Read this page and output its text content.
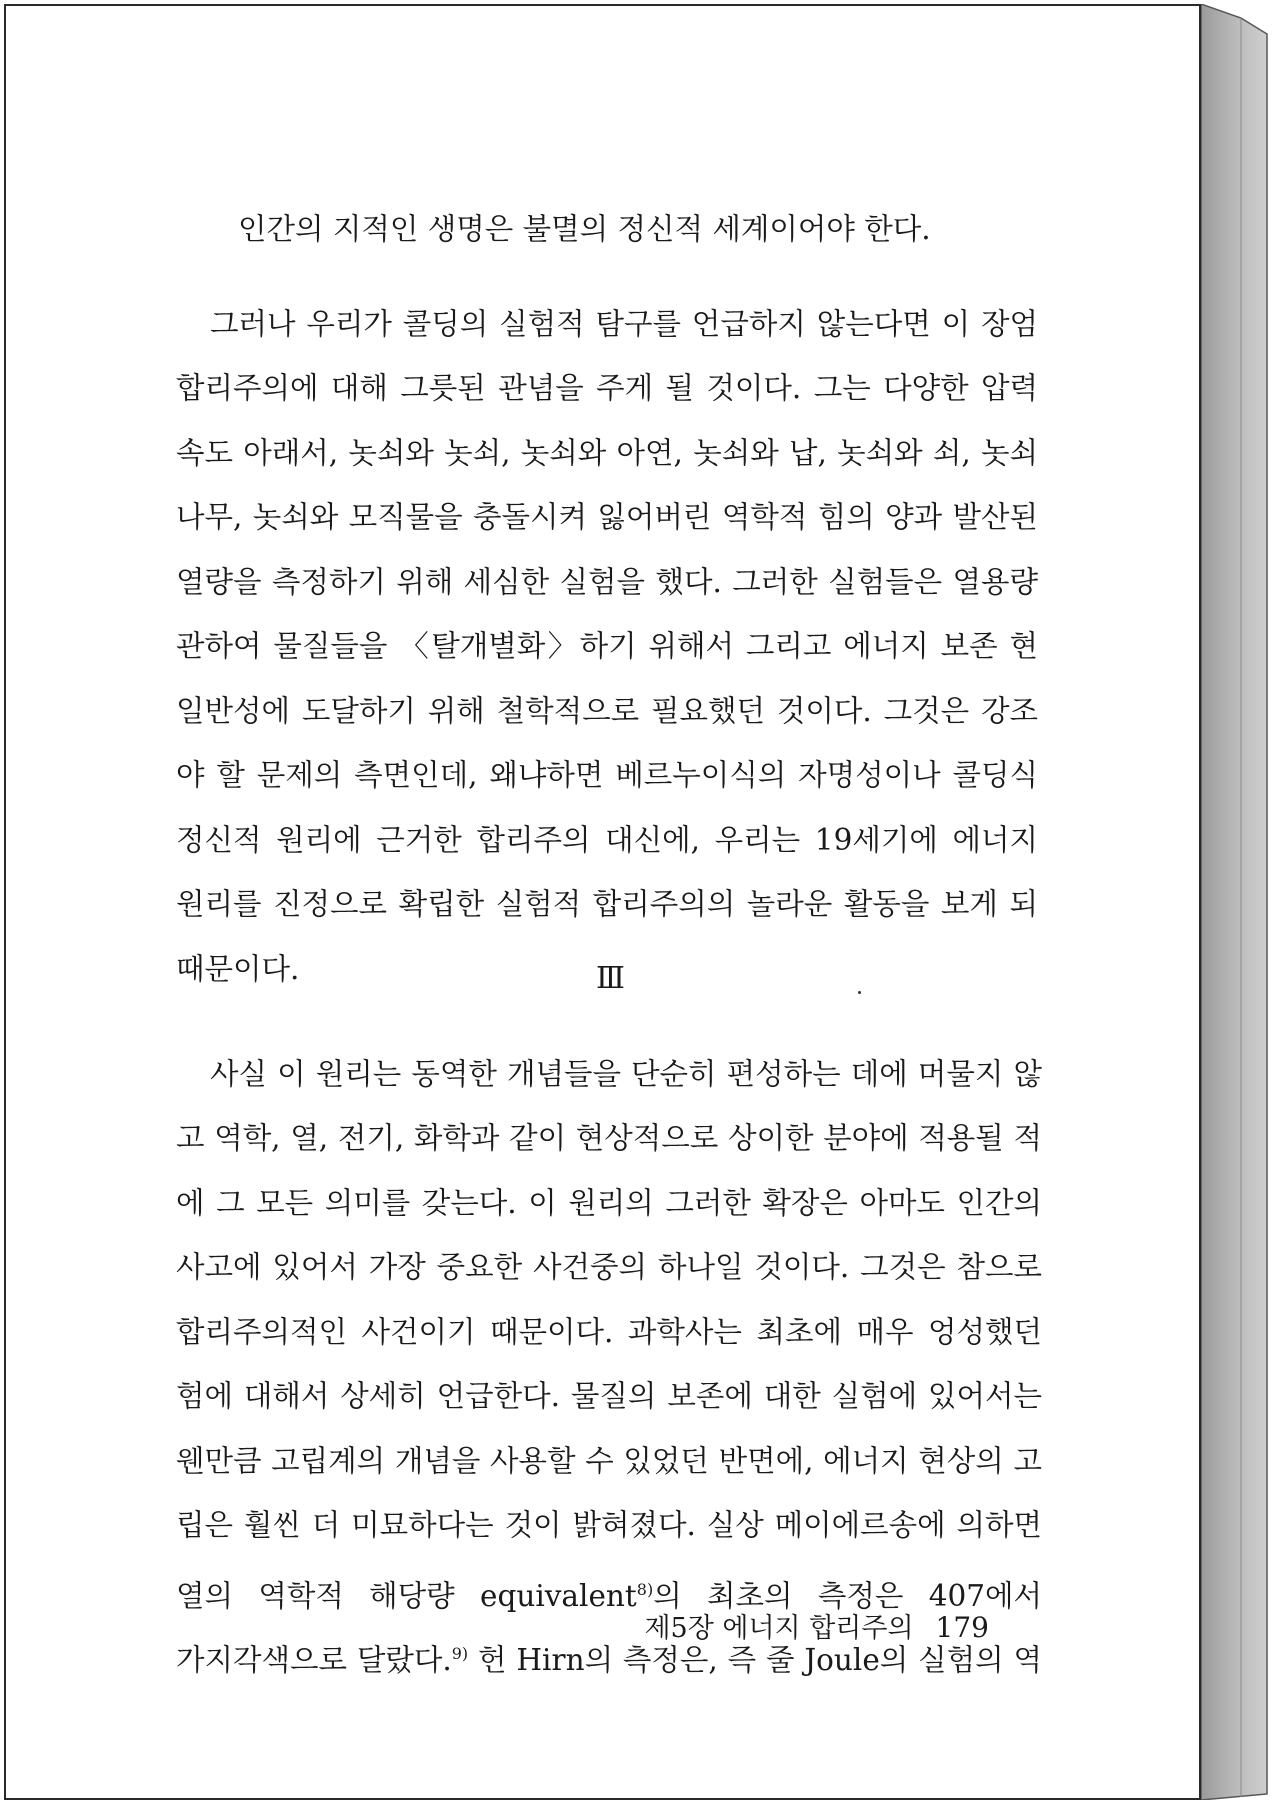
인간의 지적인 생명은 불멸의 정신적 세계이어야 한다.
그러나 우리가 콜딩의 실험적 탐구를 언급하지 않는다면 이 장엄
합리주의에 대해 그릇된 관념을 주게 될 것이다. 그는 다양한 압력
속도 아래서, 놋쇠와 놋쇠, 놋쇠와 아연, 놋쇠와 납, 놋쇠와 쇠, 놋쇠
나무, 놋쇠와 모직물을 충돌시켜 잃어버린 역학적 힘의 양과 발산된
열량을 측정하기 위해 세심한 실험을 했다. 그러한 실험들은 열용량
관하여 물질들을 〈탈개별화〉하기 위해서 그리고 에너지 보존 현
일반성에 도달하기 위해 철학적으로 필요했던 것이다. 그것은 강조
야 할 문제의 측면인데, 왜냐하면 베르누이식의 자명성이나 콜딩식
정신적 원리에 근거한 합리주의 대신에, 우리는 19세기에 에너지
원리를 진정으로 확립한 실험적 합리주의의 놀라운 활동을 보게 되
때문이다.	Ⅲ
사실 이 원리는 동역한 개념들을 단순히 편성하는 데에 머물지 않
고 역학, 열, 전기, 화학과 같이 현상적으로 상이한 분야에 적용될 적
에 그 모든 의미를 갖는다. 이 원리의 그러한 확장은 아마도 인간의
사고에 있어서 가장 중요한 사건중의 하나일 것이다. 그것은 참으로
합리주의적인 사건이기 때문이다. 과학사는 최초에 매우 엉성했던
험에 대해서 상세히 언급한다. 물질의 보존에 대한 실험에 있어서는
웬만큼 고립계의 개념을 사용할 수 있었던 반면에, 에너지 현상의 고
립은 훨씬 더 미묘하다는 것이 밝혀졌다. 실상 메이에르송에 의하면
열의 역학적 해당량 equivalent$^{8)}$의 최초의 측정은 407에서
가지각색으로 달랐다.$^{9)}$ 헌 Hirn의 측정은, 즉 줄 Joule의 실험의 역
제5장 에너지 합리주의 179
